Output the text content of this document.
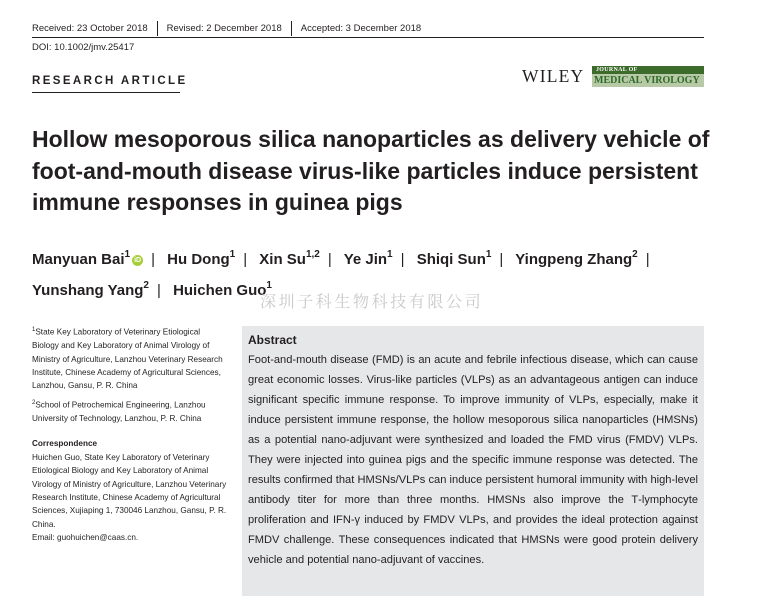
Received: 23 October 2018 Revised: 2 December 2018 Accepted: 3 December 2018
DOI: 10.1002/jmv.25417
RESEARCH ARTICLE	WILEY	JOURNAL OF
MEDICAL VIROLOGY
Hollow mesoporous silica nanoparticles as delivery vehicle of foot‐and‐mouth disease virus‐like particles induce persistent immune responses in guinea pigs
Manyuan Bai$^1$iD | Hu Dong$^1$ | Xin Su$^{1,2}$ | Ye Jin$^1$ | Shiqi Sun$^1$ | Yingpeng Zhang$^2$ | Yunshang Yang$^2$ | Huichen Guo$^1$
深圳子科生物科技有限公司

$^1$State Key Laboratory of Veterinary Etiological Biology and Key Laboratory of Animal Virology of Ministry of Agriculture, Lanzhou Veterinary Research Institute, Chinese Academy of Agricultural Sciences, Lanzhou, Gansu, P. R. China

$^2$School of Petrochemical Engineering, Lanzhou University of Technology, Lanzhou, P. R. China

Correspondence

Huichen Guo, State Key Laboratory of Veterinary Etiological Biology and Key Laboratory of Animal Virology of Ministry of Agriculture, Lanzhou Veterinary Research Institute, Chinese Academy of Agricultural Sciences, Xujiaping 1, 730046 Lanzhou, Gansu, P. R. China.
Email: guohuichen@caas.cn.

Abstract
Foot‐and‐mouth disease (FMD) is an acute and febrile infectious disease, which can cause great economic losses. Virus‐like particles (VLPs) as an advantageous antigen can induce significant specific immune response. To improve immunity of VLPs, especially, make it induce persistent immune response, the hollow mesoporous silica nanoparticles (HMSNs) as a potential nano‐adjuvant were synthesized and loaded the FMD virus (FMDV) VLPs. They were injected into guinea pigs and the specific immune response was detected. The results confirmed that HMSNs/VLPs can induce persistent humoral immunity with high‐level antibody titer for more than three months. HMSNs also improve the T‐lymphocyte proliferation and IFN‐γ induced by FMDV VLPs, and provides the ideal protection against FMDV challenge. These consequences indicated that HMSNs were good protein delivery vehicle and potential nano‐adjuvant of vaccines.
